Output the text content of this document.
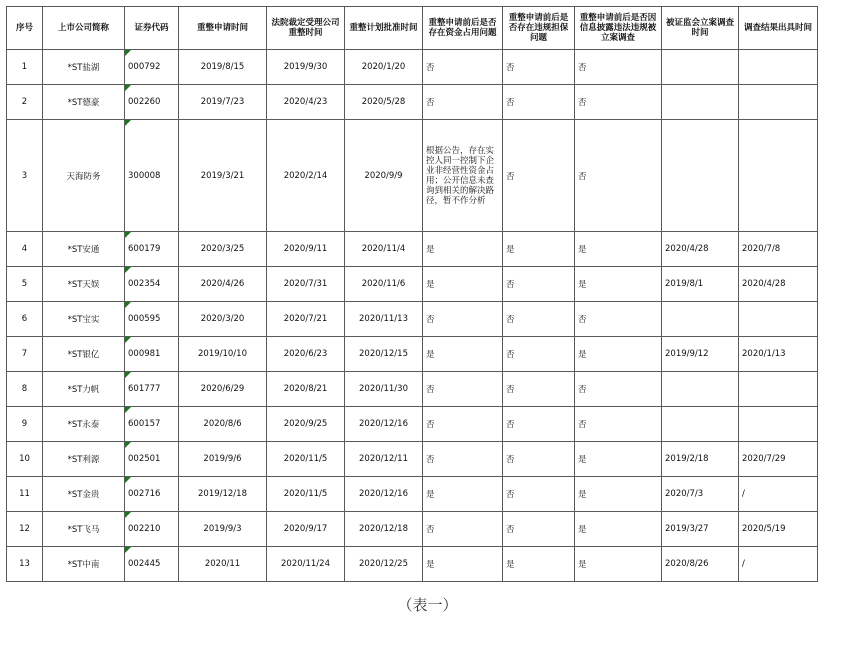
序号	上市公司简称	证券代码	重整申请时间	法院裁定受理公司重整时间	重整计划批准时间	重整申请前后是否存在资金占用问题	重整申请前后是否存在违规担保问题	重整申请前后是否因信息披露违法违规被立案调查	被证监会立案调查时间	调查结果出具时间
1	*ST盐湖	000792	2019/8/15	2019/9/30	2020/1/20	否	否	否		
2	*ST德豪	002260	2019/7/23	2020/4/23	2020/5/28	否	否	否		
3	天海防务	300008	2019/3/21	2020/2/14	2020/9/9	根据公告，存在实控人同一控制下企业非经营性资金占用；公开信息未查询到相关的解决路径，暂不作分析	否	否		
4	*ST安通	600179	2020/3/25	2020/9/11	2020/11/4	是	是	是	2020/4/28	2020/7/8
5	*ST天娱	002354	2020/4/26	2020/7/31	2020/11/6	是	否	是	2019/8/1	2020/4/28
6	*ST宝实	000595	2020/3/20	2020/7/21	2020/11/13	否	否	否		
7	*ST银亿	000981	2019/10/10	2020/6/23	2020/12/15	是	否	是	2019/9/12	2020/1/13
8	*ST力帆	601777	2020/6/29	2020/8/21	2020/11/30	否	否	否		
9	*ST永泰	600157	2020/8/6	2020/9/25	2020/12/16	否	否	否		
10	*ST利源	002501	2019/9/6	2020/11/5	2020/12/11	否	否	是	2019/2/18	2020/7/29
11	*ST金贵	002716	2019/12/18	2020/11/5	2020/12/16	是	否	是	2020/7/3	/
12	*ST飞马	002210	2019/9/3	2020/9/17	2020/12/18	否	否	是	2019/3/27	2020/5/19
13	*ST中南	002445	2020/11	2020/11/24	2020/12/25	是	是	是	2020/8/26	/
（表一）
